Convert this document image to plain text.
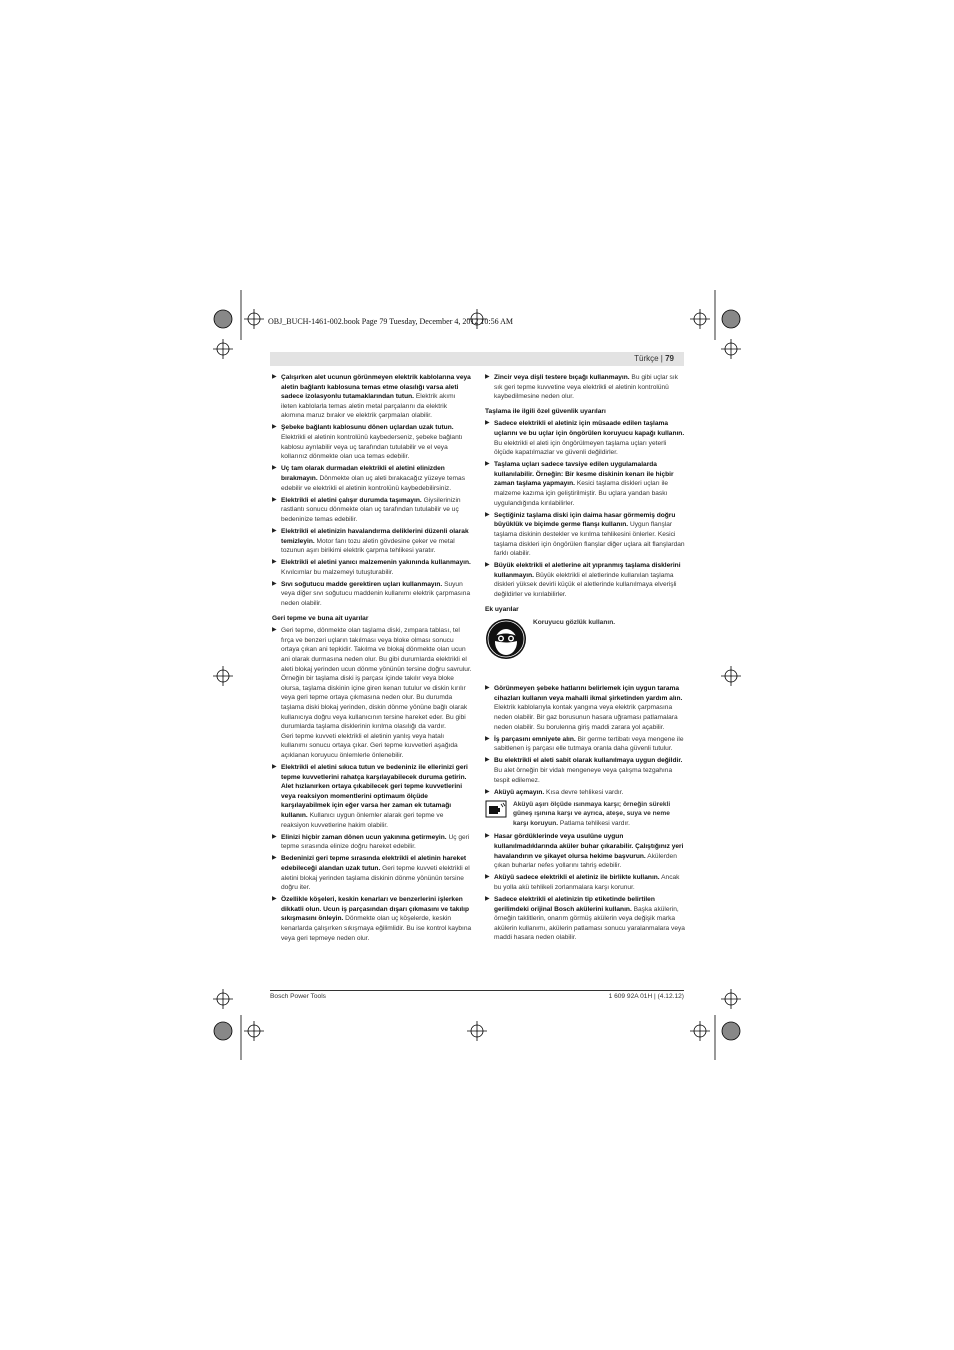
OBJ_BUCH-1461-002.book Page 79 Tuesday, December 4, 2012 10:56 AM
Türkçe | 79
▶ Çalışırken alet ucunun görünmeyen elektrik kablolarına veya aletin bağlantı kablosuna temas etme olasılığı varsa aleti sadece izolasyonlu tutamaklarından tutun. Elektrik akımı ileten kablolarla temas aletin metal parçalarını da elektrik akımına maruz bırakır ve elektrik çarpmaları olabilir.
▶ Şebeke bağlantı kablosunu dönen uçlardan uzak tutun. Elektrikli el aletinin kontrolünü kaybederseniz, şebeke bağlantı kablosu ayrılabilir veya uç tarafından tutulabilir ve el veya kollarınız dönmekte olan uca temas edebilir.
▶ Uç tam olarak durmadan elektrikli el aletini elinizden bırakmayın. Dönmekte olan uç aleti bırakacağız yüzeye temas edebilir ve elektrikli el aletinin kontrolünü kaybedebilirsiniz.
▶ Elektrikli el aletini çalışır durumda taşımayın. Giysilerinizin rastlantı sonucu dönmekte olan uç tarafından tutulabilir ve uç bedeninize temas edebilir.
▶ Elektrikli el aletinizin havalandırma deliklerini düzenli olarak temizleyin. Motor fanı tozu aletin gövdesine çeker ve metal tozunun aşırı birikimi elektrik çarpma tehlikesi yaratır.
▶ Elektrikli el aletini yanıcı malzemenin yakınında kullanmayın. Kıvılcımlar bu malzemeyi tutuşturabilir.
▶ Sıvı soğutucu madde gerektiren uçları kullanmayın. Suyun veya diğer sıvı soğutucu maddenin kullanımı elektrik çarpmasına neden olabilir.
Geri tepme ve buna ait uyarılar
▶ Geri tepme, dönmekte olan taşlama diski, zımpara tablası, tel fırça ve benzeri uçların takılması veya bloke olması sonucu ortaya çıkan ani tepkidir. Takılma ve blokaj dönmekte olan ucun ani olarak durmasına neden olur. Bu gibi durumlarda elektrikli el aleti blokaj yerinden ucun dönme yönünün tersine doğru savrulur.
Örneğin bir taşlama diski iş parçası içinde takılır veya bloke olursa, taşlama diskinin içine giren kenarı tutulur ve diskin kırılır veya geri tepme ortaya çıkmasına neden olur. Bu durumda taşlama diski blokaj yerinden, diskin dönme yönüne bağlı olarak kullanıcıya doğru veya kullanıcının tersine hareket eder. Bu gibi durumlarda taşlama disklerinin kırılma olasılığı da vardır.
Geri tepme kuvveti elektrikli el aletinin yanlış veya hatalı kullanımı sonucu ortaya çıkar. Geri tepme kuvvetleri aşağıda açıklanan koruyucu önlemlerle önlenebilir.
▶ Elektrikli el aletini sıkıca tutun ve bedeniniz ile ellerinizi geri tepme kuvvetlerini rahatça karşılayabilecek duruma getirin. Alet hızlanırken ortaya çıkabilecek geri tepme kuvvetlerini veya reaksiyon momentlerini optimaum ölçüde karşılayabilmek için eğer varsa her zaman ek tutamağı kullanın. Kullanıcı uygun önlemler alarak geri tepme ve reaksiyon kuvvetlerine hakim olabilir.
▶ Elinizi hiçbir zaman dönen ucun yakınına getirmeyin. Uç geri tepme sırasında elinize doğru hareket edebilir.
▶ Bedeninizi geri tepme sırasında elektrikli el aletinin hareket edebileceği alandan uzak tutun. Geri tepme kuvveti elektrikli el aletini blokaj yerinden taşlama diskinin dönme yönünün tersine doğru iter.
▶ Özellikle köşeleri, keskin kenarları ve benzerlerini işlerken dikkatli olun. Ucun iş parçasından dışarı çıkmasını ve takılıp sıkışmasını önleyin. Dönmekte olan uç köşelerde, keskin kenarlarda çalışırken sıkışmaya eğilimlidir. Bu ise kontrol kaybına veya geri tepmeye neden olur.
▶ Zincir veya dişli testere bıçağı kullanmayın. Bu gibi uçlar sık sık geri tepme kuvvetine veya elektrikli el aletinin kontrolünü kaybedilmesine neden olur.
Taşlama ile ilgili özel güvenlik uyarıları
▶ Sadece elektrikli el aletiniz için müsaade edilen taşlama uçlarını ve bu uçlar için öngörülen koruyucu kapağı kullanın. Bu elektrikli el aleti için öngörülmeyen taşlama uçları yeterli ölçüde kapatılmazlar ve güvenli değildirler.
▶ Taşlama uçları sadece tavsiye edilen uygulamalarda kullanılabilir. Örneğin: Bir kesme diskinin kenarı ile hiçbir zaman taşlama yapmayın. Kesici taşlama diskleri uçları ile malzeme kazıma için geliştirilmiştir. Bu uçlara yandan baskı uygulandığında kırılabilirler.
▶ Seçtiğiniz taşlama diski için daima hasar görmemiş doğru büyüklük ve biçimde germe flanşı kullanın. Uygun flanşlar taşlama diskinin destekler ve kırılma tehlikesini önlerler. Kesici taşlama diskleri için öngörülen flanşlar diğer uçlara ait flanşlardan farklı olabilir.
▶ Büyük elektrikli el aletlerine ait yıpranmış taşlama disklerini kullanmayın. Büyük elektrikli el aletlerinde kullanılan taşlama diskleri yüksek devirli küçük el aletlerinde kullanılmaya elverişli değildirler ve kırılabilirler.
Ek uyarılar
Koruyucu gözlük kullanın.
▶ Görünmeyen şebeke hatlarını belirlemek için uygun tarama cihazları kullanın veya mahalli ikmal şirketinden yardım alın. Elektrik kablolarıyla kontak yangına veya elektrik çarpmasına neden olabilir. Bir gaz borusunun hasara uğraması patlamalara neden olabilir. Su borulenna giriş maddi zarara yol açabilir.
▶ İş parçasını emniyete alın. Bir germe tertibatı veya mengene ile sabitlenen iş parçası elle tutmaya oranla daha güvenli tutulur.
▶ Bu elektrikli el aleti sabit olarak kullanılmaya uygun değildir. Bu alet örneğin bir vidalı mengeneye veya çalışma tezgahına tespit edilemez.
▶ Aküyü açmayın. Kısa devre tehlikesi vardır.
Aküyü aşırı ölçüde ısınmaya karşı; örneğin sürekli güneş ışınına karşı ve ayrıca, ateşe, suya ve neme karşı koruyun. Patlama tehlikesi vardır.
▶ Hasar gördüklerinde veya usulüne uygun kullanılmadıklarında aküler buhar çıkarabilir. Çalıştığınız yeri havalandırın ve şikayet olursa hekime başvurun. Akülerden çıkan buharlar nefes yollarını tahriş edebilir.
▶ Aküyü sadece elektrikli el aletiniz ile birlikte kullanın. Ancak bu yolla akü tehlikeli zorlanmalara karşı korunur.
▶ Sadece elektrikli el aletinizin tip etiketinde belirtilen gerilimdeki orijinal Bosch akülerini kullanın. Başka akülerin, örneğin taklitlerin, onarım görmüş akülerin veya değişik marka akülerin kullanımı, akülerin patlaması sonucu yaralanmalara veya maddi hasara neden olabilir.
Bosch Power Tools	1 609 92A 01H | (4.12.12)
